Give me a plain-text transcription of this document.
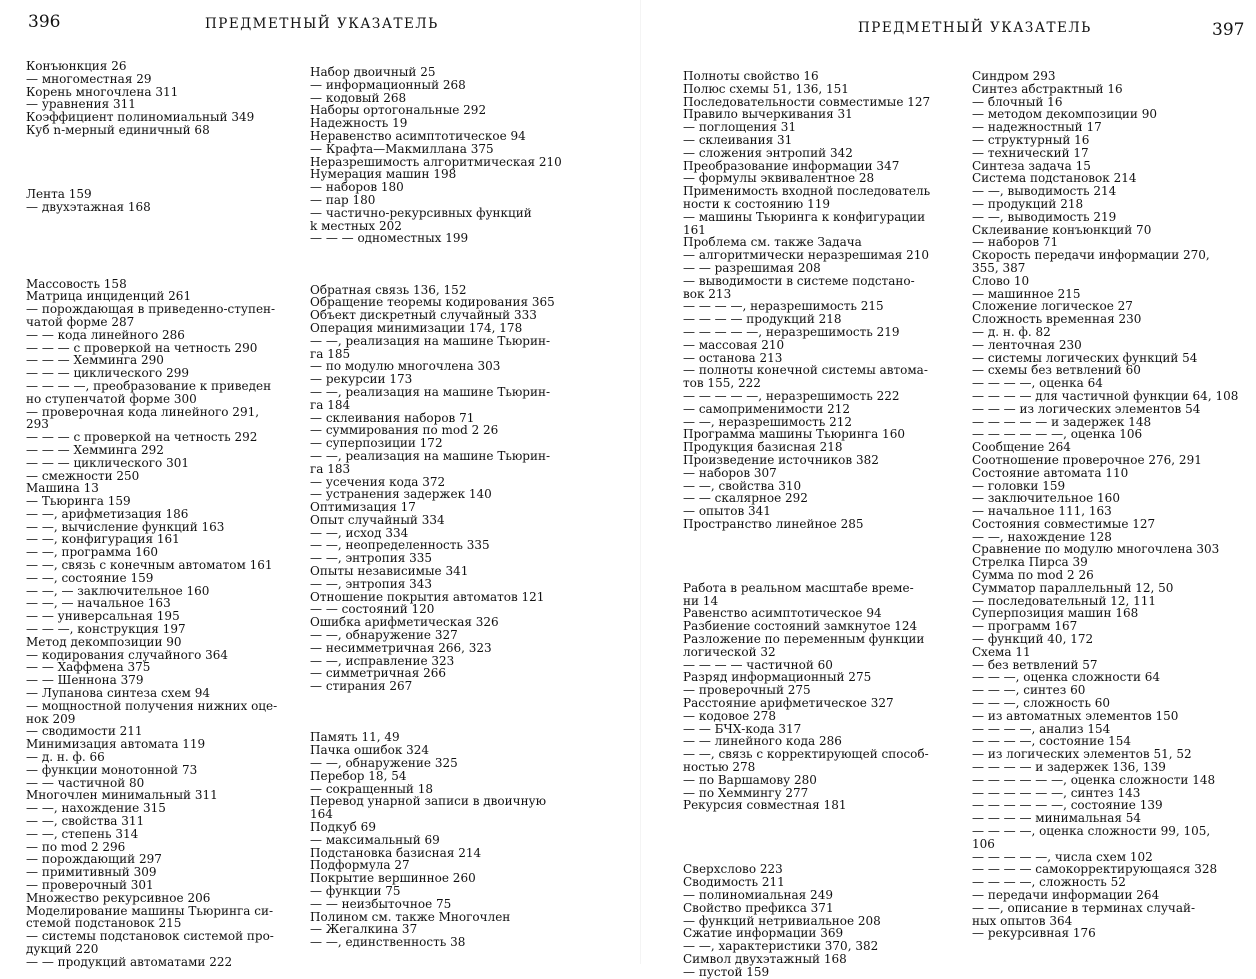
396	ПРЕДМЕТНЫЙ УКАЗАТЕЛЬ	ПРЕДМЕТНЫЙ УКАЗАТЕЛЬ	397
Конъюнкция 26
— многоместная 29
Корень многочлена 311
— уравнения 311
Коэффициент полиномиальный 349
Куб n-мерный единичный 68
Лента 159
— двухэтажная 168
Массовость 158
Матрица инциденций 261
— порождающая в приведенно-ступен-
чатой форме 287
— — кода линейного 286
— — — с проверкой на четность 290
— — — Хемминга 290
— — — циклического 299
— — — —, преобразование к приведен
но ступенчатой форме 300
— проверочная кода линейного 291,
293
— — — с проверкой на четность 292
— — — Хемминга 292
— — — циклического 301
— смежности 250
Машина 13
— Тьюринга 159
— —, арифметизация 186
— —, вычисление функций 163
— —, конфигурация 161
— —, программа 160
— —, связь с конечным автоматом 161
— —, состояние 159
— —, — заключительное 160
— —, — начальное 163
— — универсальная 195
— — —, конструкция 197
Метод декомпозиции 90
— кодирования случайного 364
— — Хаффмена 375
— — Шеннона 379
— Лупанова синтеза схем 94
— мощностной получения нижних оце-
нок 209
— сводимости 211
Минимизация автомата 119
— д. н. ф. 66
— функции монотонной 73
— — частичной 80
Многочлен минимальный 311
— —, нахождение 315
— —, свойства 311
— —, степень 314
— по mod 2 296
— порождающий 297
— примитивный 309
— проверочный 301
Множество рекурсивное 206
Моделирование машины Тьюринга си-
стемой подстановок 215
— системы подстановок системой про-
дукций 220
— — продукций автоматами 222
Набор двоичный 25
— информационный 268
— кодовый 268
Наборы ортогональные 292
Надежность 19
Неравенство асимптотическое 94
— Крафта—Макмиллана 375
Неразрешимость алгоритмическая 210
Нумерация машин 198
— наборов 180
— пар 180
— частично-рекурсивных функций
k местных 202
— — — одноместных 199
Обратная связь 136, 152
Обращение теоремы кодирования 365
Объект дискретный случайный 333
Операция минимизации 174, 178
— —, реализация на машине Тьюрин-
га 185
— по модулю многочлена 303
— рекурсии 173
— —, реализация на машине Тьюрин-
га 184
— склеивания наборов 71
— суммирования по mod 2 26
— суперпозиции 172
— —, реализация на машине Тьюрин-
га 183
— усечения кода 372
— устранения задержек 140
Оптимизация 17
Опыт случайный 334
— —, исход 334
— —, неопределенность 335
— —, энтропия 335
Опыты независимые 341
— —, энтропия 343
Отношение покрытия автоматов 121
— — состояний 120
Ошибка арифметическая 326
— —, обнаружение 327
— несимметричная 266, 323
— —, исправление 323
— симметричная 266
— стирания 267
Память 11, 49
Пачка ошибок 324
— —, обнаружение 325
Перебор 18, 54
— сокращенный 18
Перевод унарной записи в двоичную
164
Подкуб 69
— максимальный 69
Подстановка базисная 214
Подформула 27
Покрытие вершинное 260
— функции 75
— — неизбыточное 75
Полином см. также Многочлен
— Жегалкина 37
— —, единственность 38
Полноты свойство 16
Полюс схемы 51, 136, 151
Последовательности совместимые 127
Правило вычеркивания 31
— поглощения 31
— склеивания 31
— сложения энтропий 342
Преобразование информации 347
— формулы эквивалентное 28
Применимость входной последователь
ности к состоянию 119
— машины Тьюринга к конфигурации
161
Проблема см. также Задача
— алгоритмически неразрешимая 210
— — разрешимая 208
— выводимости в системе подстано-
вок 213
— — — —, неразрешимость 215
— — — — продукций 218
— — — — —, неразрешимость 219
— массовая 210
— останова 213
— полноты конечной системы автома-
тов 155, 222
— — — — —, неразрешимость 222
— самоприменимости 212
— —, неразрешимость 212
Программа машины Тьюринга 160
Продукция базисная 218
Произведение источников 382
— наборов 307
— —, свойства 310
— — скалярное 292
— опытов 341
Пространство линейное 285
Работа в реальном масштабе време-
ни 14
Равенство асимптотическое 94
Разбиение состояний замкнутое 124
Разложение по переменным функции
логической 32
— — — — частичной 60
Разряд информационный 275
— проверочный 275
Расстояние арифметическое 327
— кодовое 278
— — БЧХ-кода 317
— — линейного кода 286
— —, связь с корректирующей способ-
ностью 278
— по Варшамову 280
— по Хеммингу 277
Рекурсия совместная 181
Сверхслово 223
Сводимость 211
— полиномиальная 249
Свойство префикса 371
— функций нетривиальное 208
Сжатие информации 369
— —, характеристики 370, 382
Символ двухэтажный 168
— пустой 159
Синдром 293
Синтез абстрактный 16
— блочный 16
— методом декомпозиции 90
— надежностный 17
— структурный 16
— технический 17
Синтеза задача 15
Система подстановок 214
— —, выводимость 214
— продукций 218
— —, выводимость 219
Склеивание конъюнкций 70
— наборов 71
Скорость передачи информации 270,
355, 387
Слово 10
— машинное 215
Сложение логическое 27
Сложность временная 230
— д. н. ф. 82
— ленточная 230
— системы логических функций 54
— схемы без ветвлений 60
— — — —, оценка 64
— — — — для частичной функции 64, 108
— — — из логических элементов 54
— — — — — и задержек 148
— — — — — —, оценка 106
Сообщение 264
Соотношение проверочное 276, 291
Состояние автомата 110
— головки 159
— заключительное 160
— начальное 111, 163
Состояния совместимые 127
— —, нахождение 128
Сравнение по модулю многочлена 303
Стрелка Пирса 39
Сумма по mod 2 26
Сумматор параллельный 12, 50
— последовательный 12, 111
Суперпозиция машин 168
— программ 167
— функций 40, 172
Схема 11
— без ветвлений 57
— — —, оценка сложности 64
— — —, синтез 60
— — —, сложность 60
— из автоматных элементов 150
— — — —, анализ 154
— — — —, состояние 154
— из логических элементов 51, 52
— — — — и задержек 136, 139
— — — — — —, оценка сложности 148
— — — — — —, синтез 143
— — — — — —, состояние 139
— — — — минимальная 54
— — — —, оценка сложности 99, 105,
106
— — — — —, числа схем 102
— — — — самокорректирующаяся 328
— — — —, сложность 52
— передачи информации 264
— —, описание в терминах случай-
ных опытов 364
— рекурсивная 176
